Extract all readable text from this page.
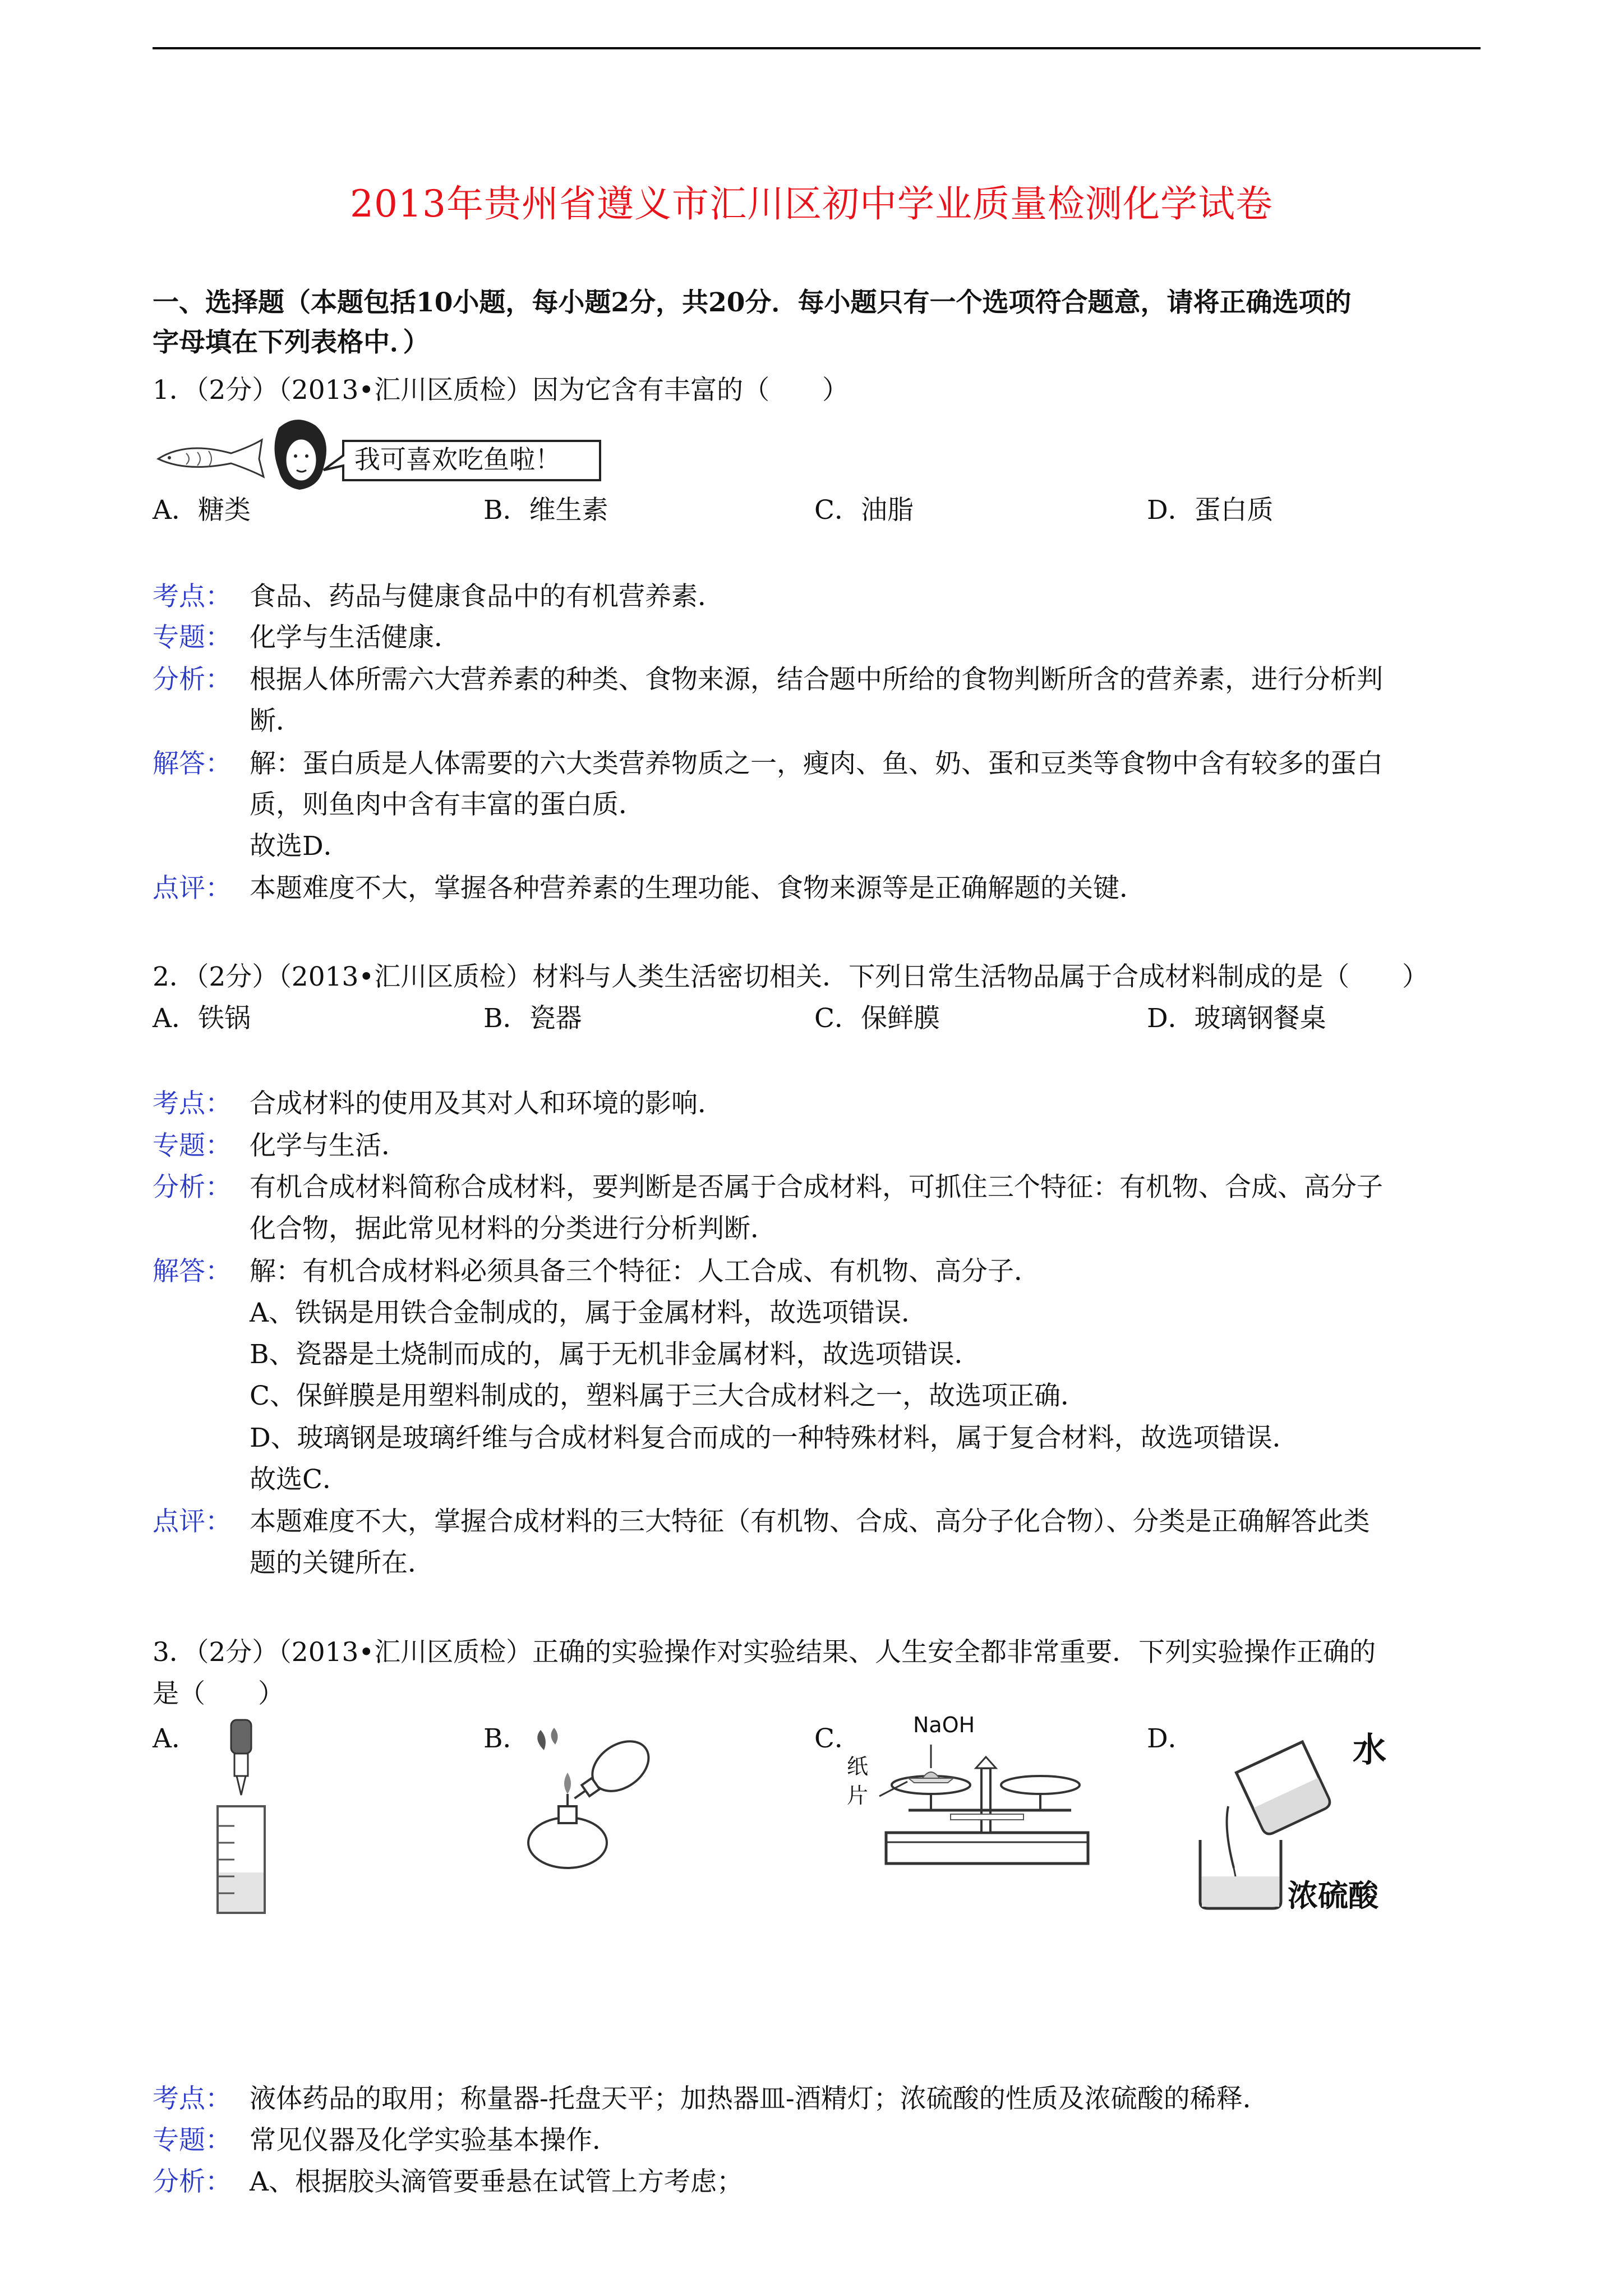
2013年贵州省遵义市汇川区初中学业质量检测化学试卷
一、选择题（本题包括10小题，每小题2分，共20分．每小题只有一个选项符合题意，请将正确选项的
字母填在下列表格中．）
1．（2分）（2013•汇川区质检）因为它含有丰富的（　　）
我可喜欢吃鱼啦！
A．糖类	B．维生素	C．油脂	D．蛋白质
考点： 食品、药品与健康食品中的有机营养素．
专题： 化学与生活健康．
分析： 根据人体所需六大营养素的种类、食物来源，结合题中所给的食物判断所含的营养素，进行分析判
断．
解答： 解：蛋白质是人体需要的六大类营养物质之一，瘦肉、鱼、奶、蛋和豆类等食物中含有较多的蛋白
质，则鱼肉中含有丰富的蛋白质．
故选D．
点评： 本题难度不大，掌握各种营养素的生理功能、食物来源等是正确解题的关键．
2．（2分）（2013•汇川区质检）材料与人类生活密切相关．下列日常生活物品属于合成材料制成的是（　　）
A．铁锅	B．瓷器	C．保鲜膜	D．玻璃钢餐桌
考点： 合成材料的使用及其对人和环境的影响．
专题： 化学与生活．
分析： 有机合成材料简称合成材料，要判断是否属于合成材料，可抓住三个特征：有机物、合成、高分子
化合物，据此常见材料的分类进行分析判断．
解答： 解：有机合成材料必须具备三个特征：人工合成、有机物、高分子．
A、铁锅是用铁合金制成的，属于金属材料，故选项错误．
B、瓷器是土烧制而成的，属于无机非金属材料，故选项错误．
C、保鲜膜是用塑料制成的，塑料属于三大合成材料之一，故选项正确．
D、玻璃钢是玻璃纤维与合成材料复合而成的一种特殊材料，属于复合材料，故选项错误．
故选C．
点评： 本题难度不大，掌握合成材料的三大特征（有机物、合成、高分子化合物）、分类是正确解答此类
题的关键所在．
3．（2分）（2013•汇川区质检）正确的实验操作对实验结果、人生安全都非常重要．下列实验操作正确的
是（　　）
A．	B．	C．	D．
NaOH
纸
片
水
浓硫酸
考点： 液体药品的取用；称量器-托盘天平；加热器皿-酒精灯；浓硫酸的性质及浓硫酸的稀释．
专题： 常见仪器及化学实验基本操作．
分析： A、根据胶头滴管要垂悬在试管上方考虑；
